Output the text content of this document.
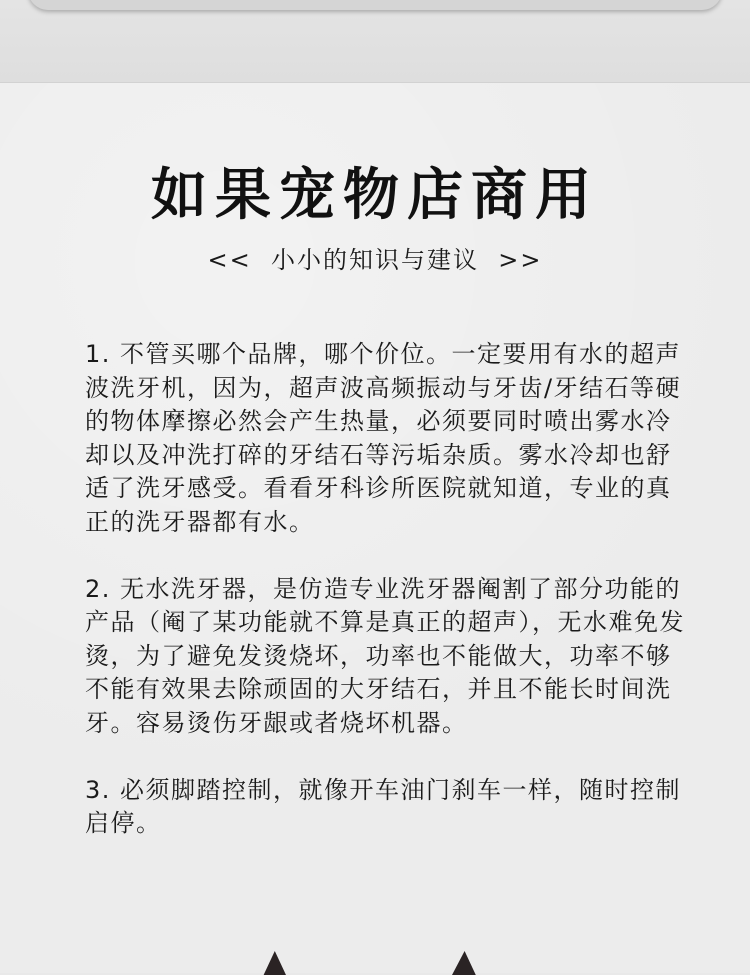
如果宠物店商用
<<  小小的知识与建议  >>

1. 不管买哪个品牌，哪个价位。一定要用有水的超声波洗牙机，因为，超声波高频振动与牙齿/牙结石等硬的物体摩擦必然会产生热量，必须要同时喷出雾水冷却以及冲洗打碎的牙结石等污垢杂质。雾水冷却也舒适了洗牙感受。看看牙科诊所医院就知道，专业的真正的洗牙器都有水。

2. 无水洗牙器，是仿造专业洗牙器阉割了部分功能的产品（阉了某功能就不算是真正的超声），无水难免发烫，为了避免发烫烧坏，功率也不能做大，功率不够不能有效果去除顽固的大牙结石，并且不能长时间洗牙。容易烫伤牙龈或者烧坏机器。

3. 必须脚踏控制，就像开车油门刹车一样，随时控制启停。
